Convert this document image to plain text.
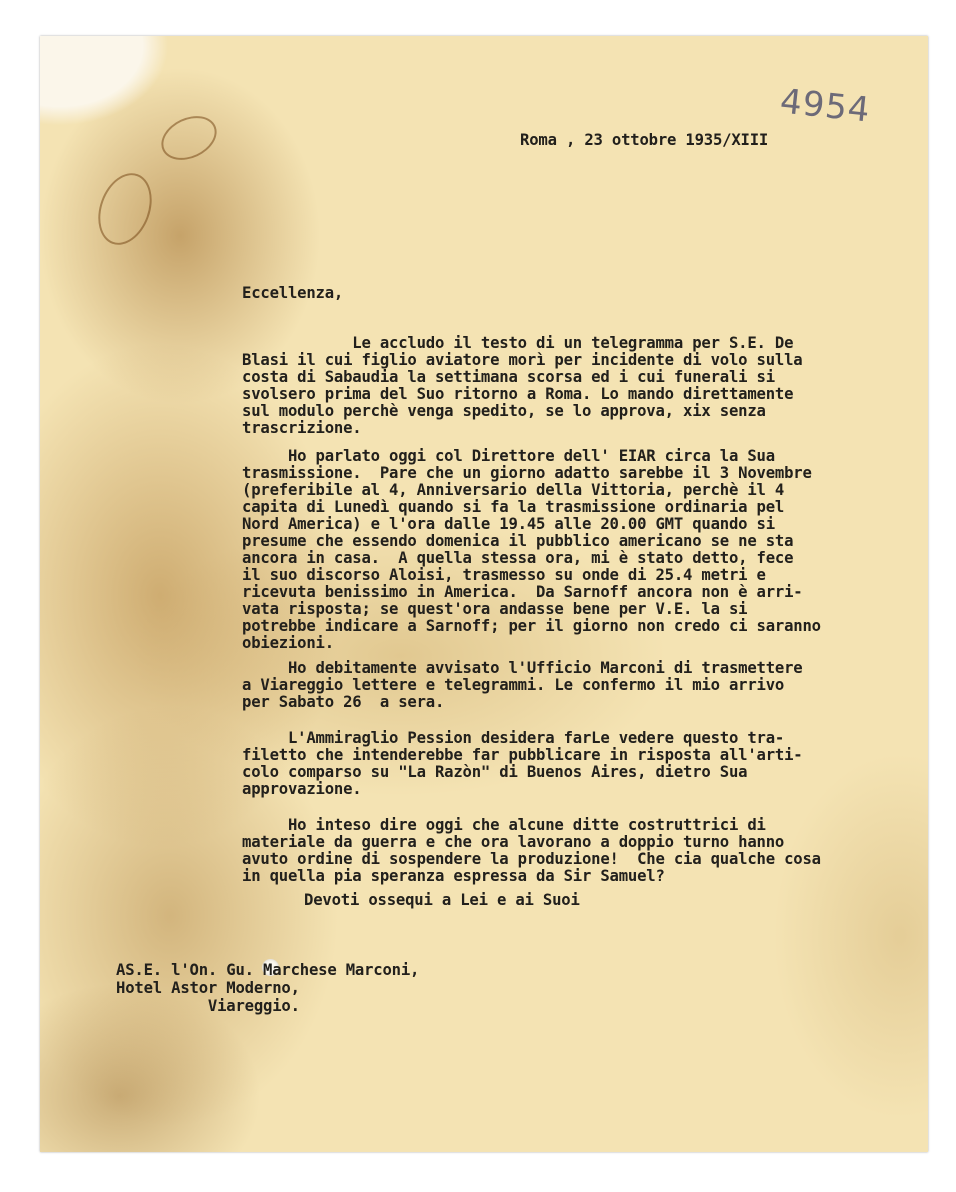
4954

Roma , 23 ottobre 1935/XIII

Eccellenza,

Le accludo il testo di un telegramma per S.E. De
Blasi il cui figlio aviatore morì per incidente di volo sulla
costa di Sabaudia la settimana scorsa ed i cui funerali si
svolsero prima del Suo ritorno a Roma. Lo mando direttamente
sul modulo perchè venga spedito, se lo approva, xix senza
trascrizione.

Ho parlato oggi col Direttore dell' EIAR circa la Sua
trasmissione.  Pare che un giorno adatto sarebbe il 3 Novembre
(preferibile al 4, Anniversario della Vittoria, perchè il 4
capita di Lunedì quando si fa la trasmissione ordinaria pel
Nord America) e l'ora dalle 19.45 alle 20.00 GMT quando si
presume che essendo domenica il pubblico americano se ne sta
ancora in casa.  A quella stessa ora, mi è stato detto, fece
il suo discorso Aloisi, trasmesso su onde di 25.4 metri e
ricevuta benissimo in America.  Da Sarnoff ancora non è arri-
vata risposta; se quest'ora andasse bene per V.E. la si
potrebbe indicare a Sarnoff; per il giorno non credo ci saranno
obiezioni.

Ho debitamente avvisato l'Ufficio Marconi di trasmettere
a Viareggio lettere e telegrammi. Le confermo il mio arrivo
per Sabato 26  a sera.

L'Ammiraglio Pession desidera farLe vedere questo tra-
filetto che intenderebbe far pubblicare in risposta all'arti-
colo comparso su "La Razòn" di Buenos Aires, dietro Sua
approvazione.

Ho inteso dire oggi che alcune ditte costruttrici di
materiale da guerra e che ora lavorano a doppio turno hanno
avuto ordine di sospendere la produzione!  Che cia qualche cosa
in quella pia speranza espressa da Sir Samuel?

Devoti ossequi a Lei e ai Suoi

AS.E. l'On. Gu. Marchese Marconi,

Hotel Astor Moderno,

Viareggio.
